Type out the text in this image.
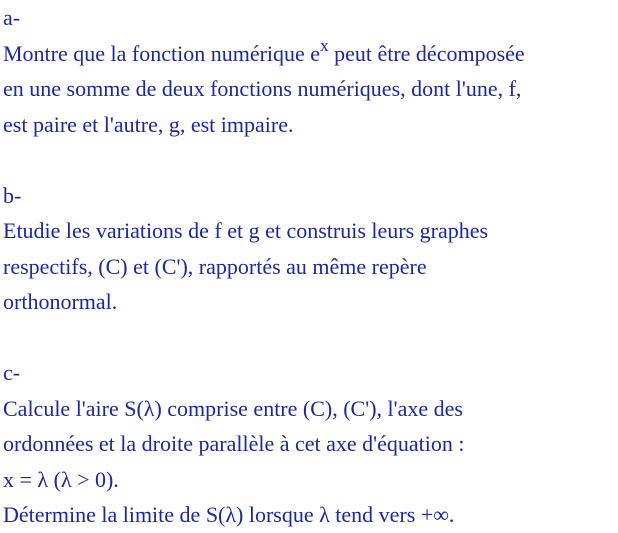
a-
Montre que la fonction numérique $e^x$ peut être décomposée
en une somme de deux fonctions numériques, dont l'une, f,
est paire et l'autre, g, est impaire.
b-
Etudie les variations de f et g et construis leurs graphes
respectifs, (C) et (C'), rapportés au même repère
orthonormal.
c-
Calcule l'aire S(λ) comprise entre (C), (C'), l'axe des
ordonnées et la droite parallèle à cet axe d'équation :
x = λ (λ > 0).
Détermine la limite de S(λ) lorsque λ tend vers +∞.
